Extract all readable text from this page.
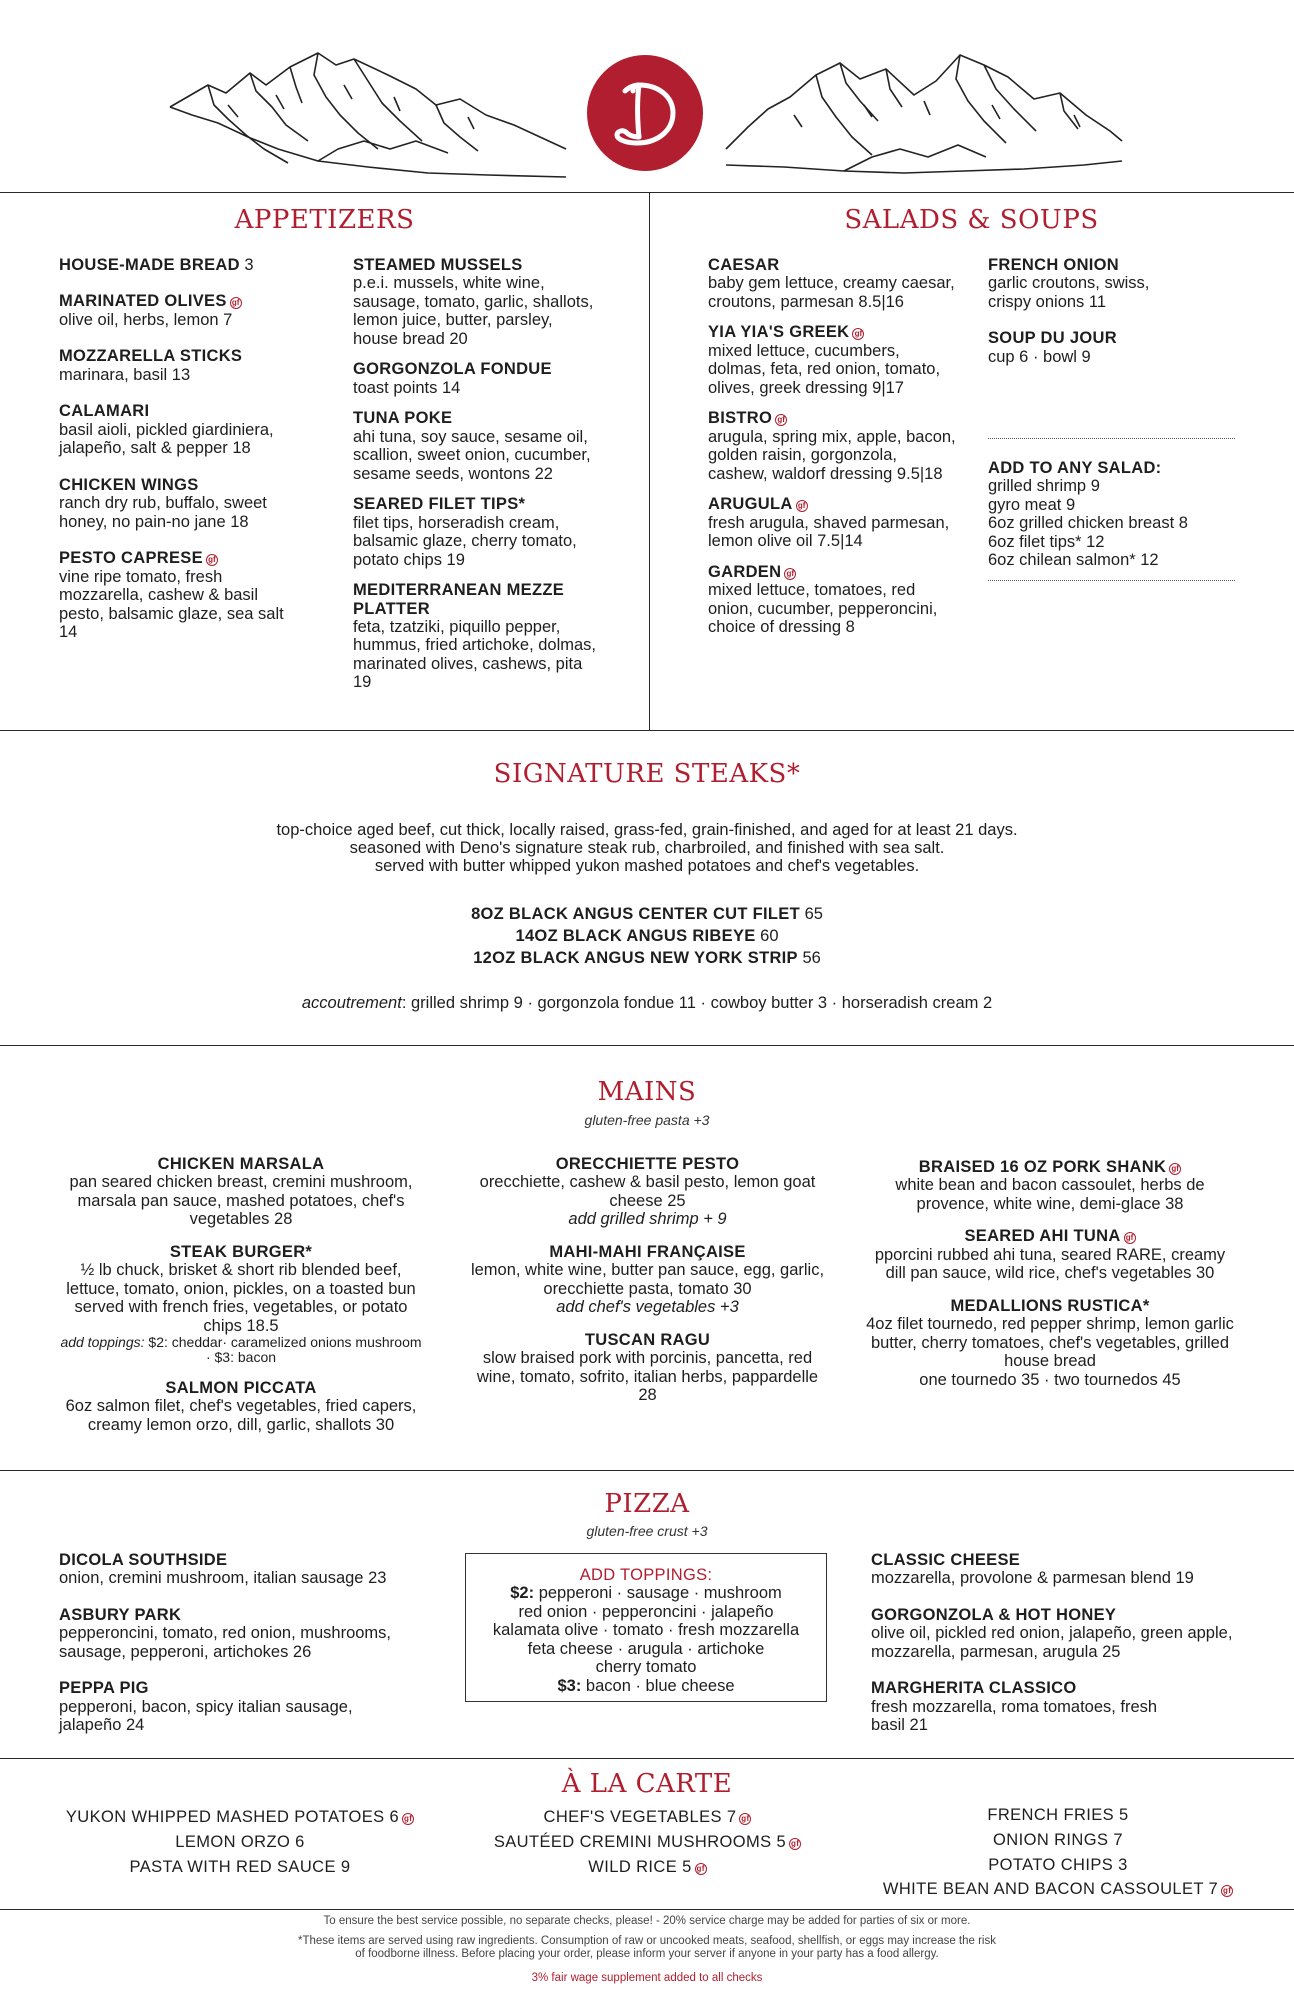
APPETIZERS
HOUSE-MADE BREAD 3
MARINATED OLIVES gf
olive oil, herbs, lemon 7
MOZZARELLA STICKS
marinara, basil 13
CALAMARI
basil aioli, pickled giardiniera, jalapeño, salt & pepper 18
CHICKEN WINGS
ranch dry rub, buffalo, sweet honey, no pain-no jane 18
PESTO CAPRESE gf
vine ripe tomato, fresh mozzarella, cashew & basil pesto, balsamic glaze, sea salt 14
STEAMED MUSSELS
p.e.i. mussels, white wine, sausage, tomato, garlic, shallots, lemon juice, butter, parsley, house bread 20
GORGONZOLA FONDUE
toast points 14
TUNA POKE
ahi tuna, soy sauce, sesame oil, scallion, sweet onion, cucumber, sesame seeds, wontons 22
SEARED FILET TIPS*
filet tips, horseradish cream, balsamic glaze, cherry tomato, potato chips 19
MEDITERRANEAN MEZZE PLATTER
feta, tzatziki, piquillo pepper, hummus, fried artichoke, dolmas, marinated olives, cashews, pita 19
SALADS & SOUPS
CAESAR
baby gem lettuce, creamy caesar, croutons, parmesan 8.5|16
YIA YIA'S GREEK gf
mixed lettuce, cucumbers, dolmas, feta, red onion, tomato, olives, greek dressing 9|17
BISTRO gf
arugula, spring mix, apple, bacon, golden raisin, gorgonzola, cashew, waldorf dressing 9.5|18
ARUGULA gf
fresh arugula, shaved parmesan, lemon olive oil 7.5|14
GARDEN gf
mixed lettuce, tomatoes, red onion, cucumber, pepperoncini, choice of dressing 8
FRENCH ONION
garlic croutons, swiss, crispy onions 11
SOUP DU JOUR
cup 6 · bowl 9
ADD TO ANY SALAD:
grilled shrimp 9
gyro meat 9
6oz grilled chicken breast 8
6oz filet tips* 12
6oz chilean salmon* 12
SIGNATURE STEAKS*
top-choice aged beef, cut thick, locally raised, grass-fed, grain-finished, and aged for at least 21 days.
seasoned with Deno's signature steak rub, charbroiled, and finished with sea salt.
served with butter whipped yukon mashed potatoes and chef's vegetables.
8OZ BLACK ANGUS CENTER CUT FILET 65
14OZ BLACK ANGUS RIBEYE 60
12OZ BLACK ANGUS NEW YORK STRIP 56
accoutrement: grilled shrimp 9 · gorgonzola fondue 11 · cowboy butter 3 · horseradish cream 2
MAINS
gluten-free pasta +3
CHICKEN MARSALA
pan seared chicken breast, cremini mushroom, marsala pan sauce, mashed potatoes, chef's vegetables 28
STEAK BURGER*
½ lb chuck, brisket & short rib blended beef, lettuce, tomato, onion, pickles, on a toasted bun served with french fries, vegetables, or potato chips 18.5
add toppings: $2: cheddar· caramelized onions mushroom · $3: bacon
SALMON PICCATA
6oz salmon filet, chef's vegetables, fried capers, creamy lemon orzo, dill, garlic, shallots 30
ORECCHIETTE PESTO
orecchiette, cashew & basil pesto, lemon goat cheese 25
add grilled shrimp + 9
MAHI-MAHI FRANÇAISE
lemon, white wine, butter pan sauce, egg, garlic, orecchiette pasta, tomato 30
add chef's vegetables +3
TUSCAN RAGU
slow braised pork with porcinis, pancetta, red wine, tomato, sofrito, italian herbs, pappardelle 28
BRAISED 16 OZ PORK SHANK gf
white bean and bacon cassoulet, herbs de provence, white wine, demi-glace 38
SEARED AHI TUNA gf
pporcini rubbed ahi tuna, seared RARE, creamy dill pan sauce, wild rice, chef's vegetables 30
MEDALLIONS RUSTICA*
4oz filet tournedo, red pepper shrimp, lemon garlic butter, cherry tomatoes, chef's vegetables, grilled house bread
one tournedo 35 · two tournedos 45
PIZZA
gluten-free crust +3
DICOLA SOUTHSIDE
onion, cremini mushroom, italian sausage 23
ASBURY PARK
pepperoncini, tomato, red onion, mushrooms, sausage, pepperoni, artichokes 26
PEPPA PIG
pepperoni, bacon, spicy italian sausage, jalapeño 24
ADD TOPPINGS:
$2: pepperoni · sausage · mushroom
red onion · pepperoncini · jalapeño
kalamata olive · tomato · fresh mozzarella
feta cheese · arugula · artichoke
cherry tomato
$3: bacon · blue cheese
CLASSIC CHEESE
mozzarella, provolone & parmesan blend 19
GORGONZOLA & HOT HONEY
olive oil, pickled red onion, jalapeño, green apple, mozzarella, parmesan, arugula 25
MARGHERITA CLASSICO
fresh mozzarella, roma tomatoes, fresh basil 21
À LA CARTE
YUKON WHIPPED MASHED POTATOES 6 gf
LEMON ORZO 6
PASTA WITH RED SAUCE 9
CHEF'S VEGETABLES 7 gf
SAUTÉED CREMINI MUSHROOMS 5 gf
WILD RICE 5 gf
FRENCH FRIES 5
ONION RINGS 7
POTATO CHIPS 3
WHITE BEAN AND BACON CASSOULET 7 gf
To ensure the best service possible, no separate checks, please! - 20% service charge may be added for parties of six or more.
*These items are served using raw ingredients. Consumption of raw or uncooked meats, seafood, shellfish, or eggs may increase the risk
of foodborne illness. Before placing your order, please inform your server if anyone in your party has a food allergy.
3% fair wage supplement added to all checks
